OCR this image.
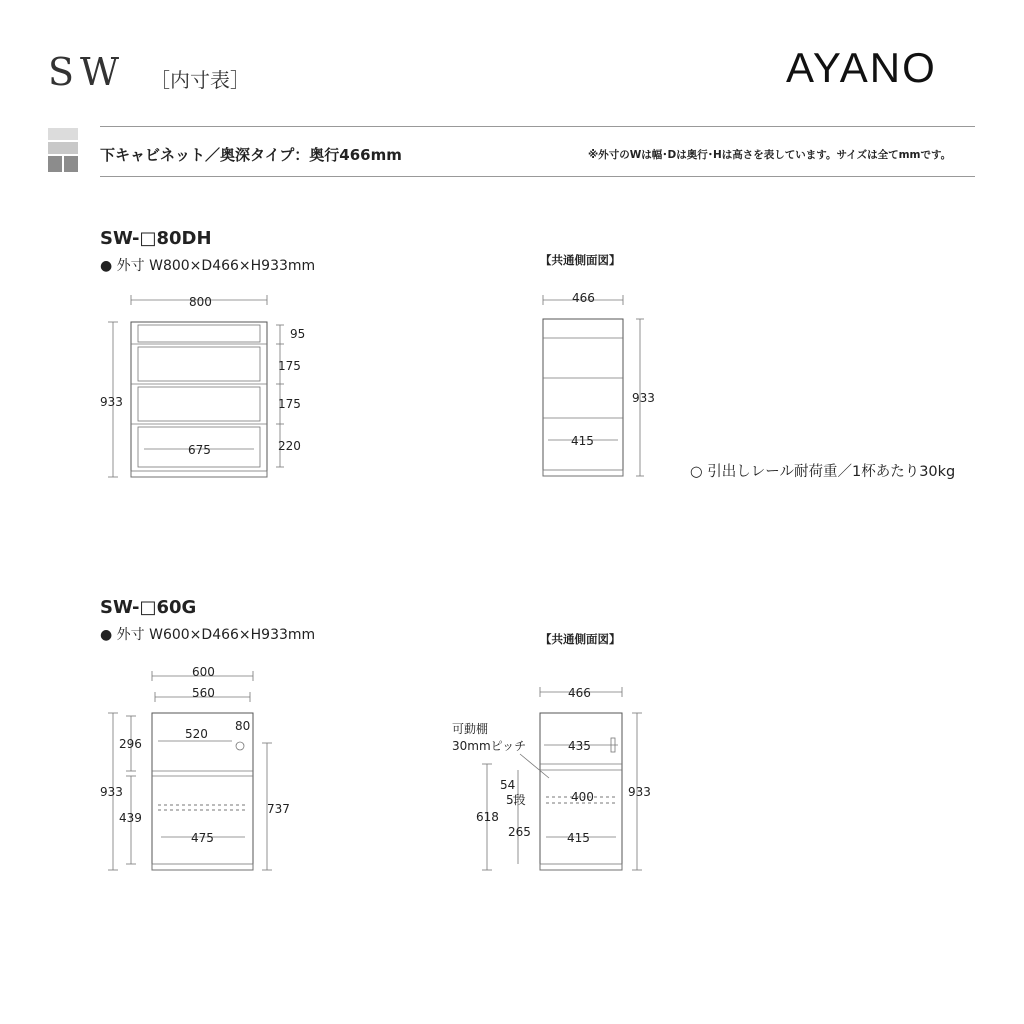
SW ［内寸表］	AYANO
下キャビネット／奥深タイプ：奥行466mm	※外寸のWは幅･Dは奥行･Hは高さを表しています。サイズは全てmmです。
SW-□80DH
● 外寸 W800×D466×H933mm	【共通側面図】
○ 引出しレール耐荷重／1杯あたり30kg
SW-□60G
● 外寸 W600×D466×H933mm	【共通側面図】
800
933
95
175
175
220
675
466
933
415
600
560
933
296
439
737
520
80
475
466
933
435
可動棚
30mmピッチ
618
54
5段
265
400
415
